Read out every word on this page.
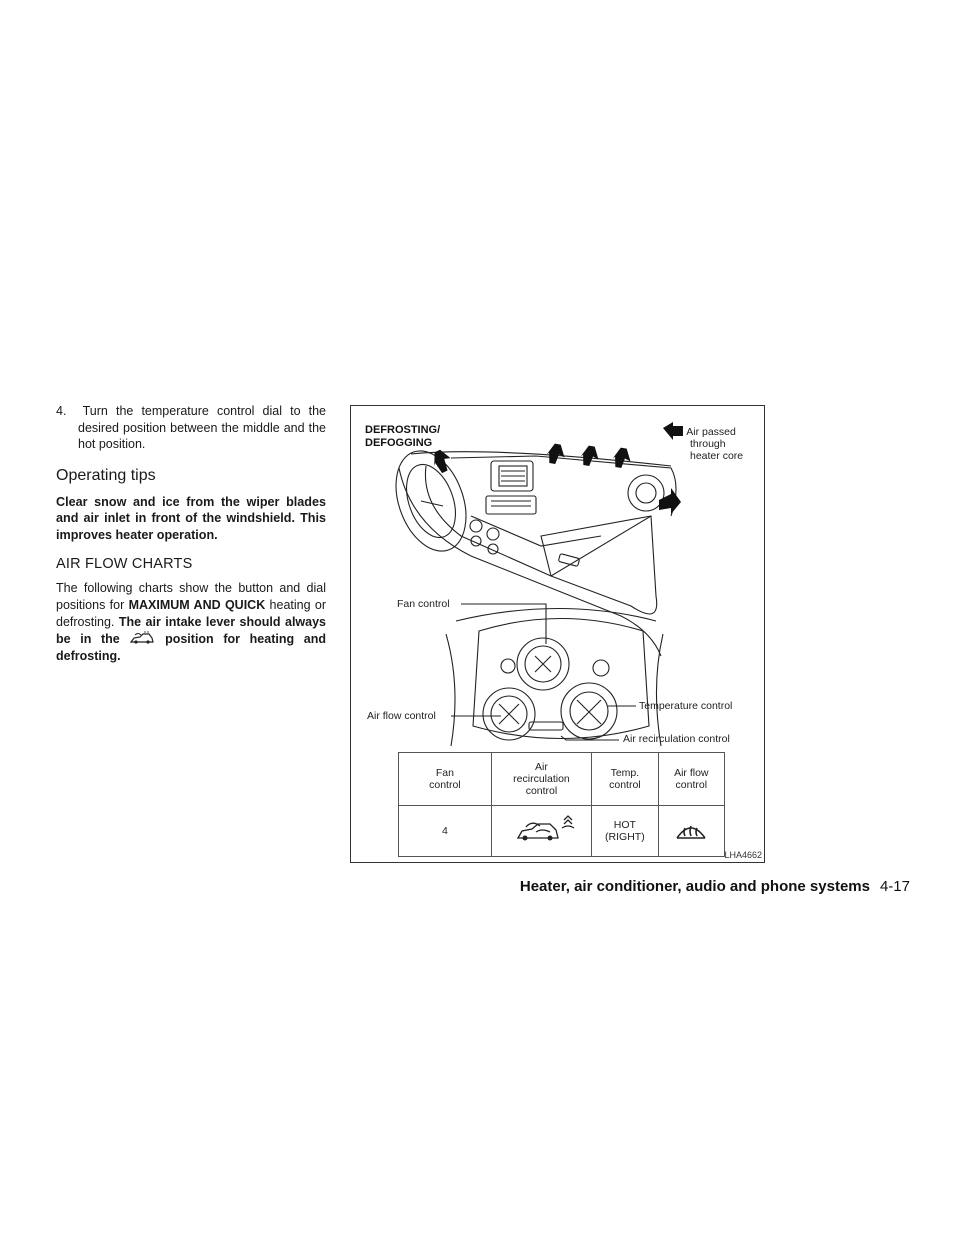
4. Turn the temperature control dial to the desired position between the middle and the hot position.

Operating tips

Clear snow and ice from the wiper blades and air inlet in front of the windshield. This improves heater operation.

AIR FLOW CHARTS

The following charts show the button and dial positions for MAXIMUM AND QUICK heating or defrosting. The air intake lever should always be in the  position for heating and defrosting.

DEFROSTING/
DEFOGGING
: Air passed
through
heater core
Fan control
Air flow control
Temperature control
Air recirculation control
Fan
control	Air
recirculation
control	Temp.
control	Air flow
control
4		HOT
(RIGHT)	
LHA4662
Heater, air conditioner, audio and phone systems 4-17
